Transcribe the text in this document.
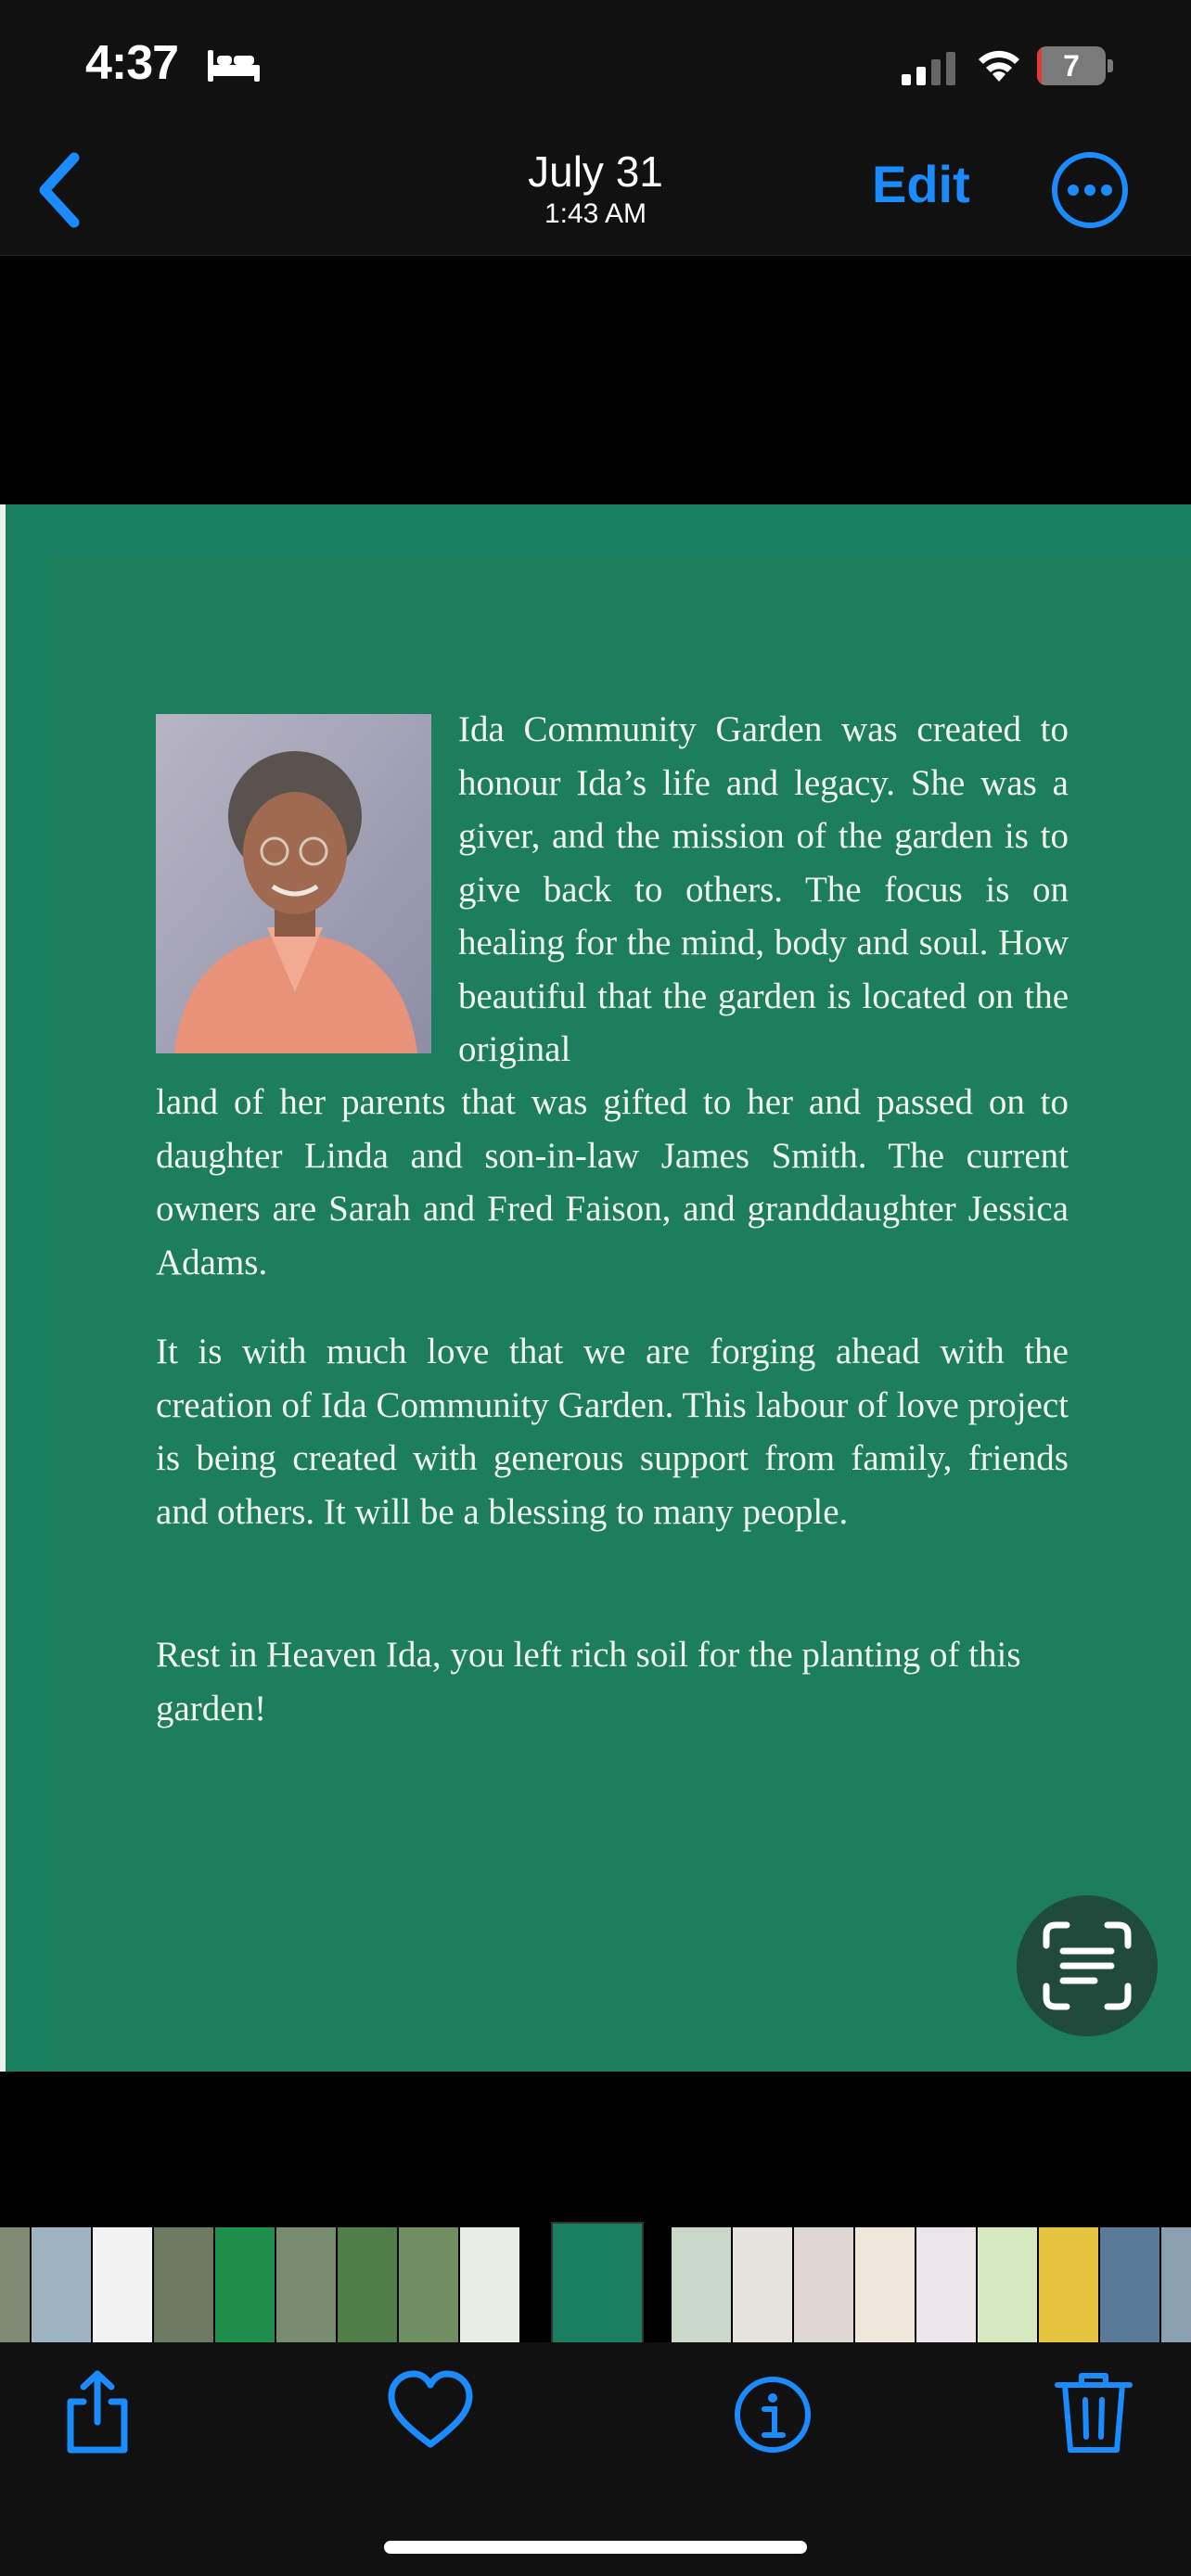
4:37	7
July 31
1:43 AM
Edit
Ida Community Garden was created to honour Ida’s life and legacy. She was a giver, and the mission of the garden is to give back to others. The focus is on healing for the mind, body and soul. How beautiful that the garden is located on the original
land of her parents that was gifted to her and passed on to daughter Linda and son-in-law James Smith. The current owners are Sarah and Fred Faison, and granddaughter Jessica Adams.
It is with much love that we are forging ahead with the creation of Ida Community Garden. This labour of love project is being created with generous support from family, friends and others. It will be a blessing to many people.
Rest in Heaven Ida, you left rich soil for the planting of this garden!
